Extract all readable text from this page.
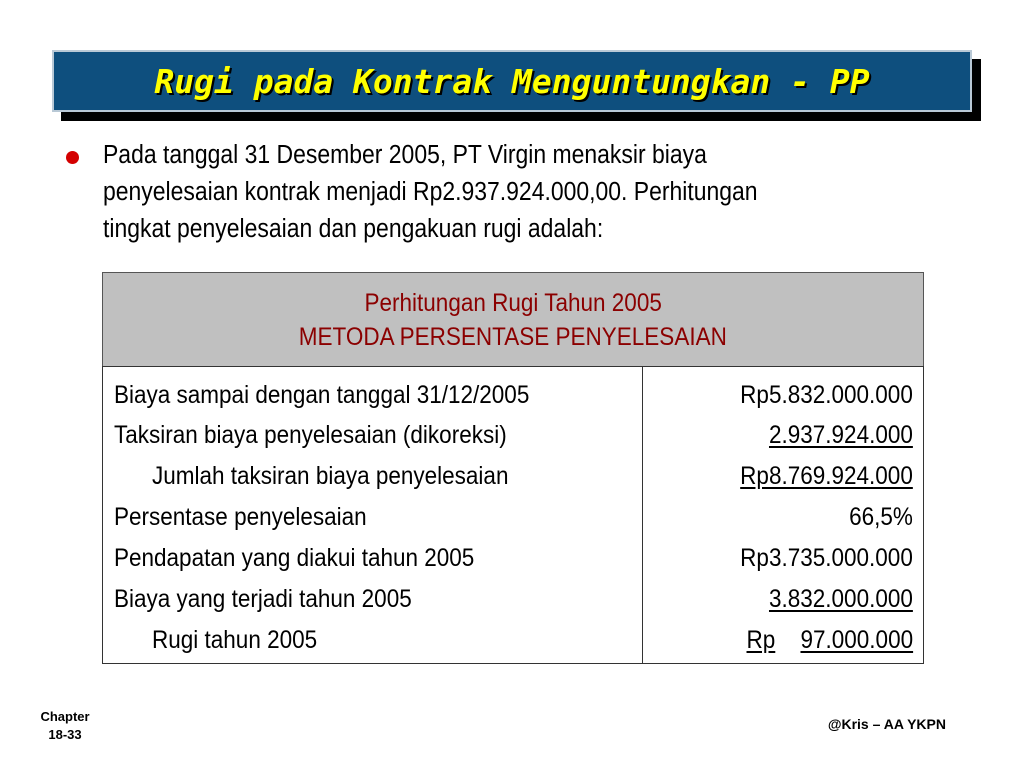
Rugi pada Kontrak Menguntungkan - PP
Pada tanggal 31 Desember 2005, PT Virgin menaksir biaya
penyelesaian kontrak menjadi Rp2.937.924.000,00. Perhitungan
tingkat penyelesaian dan pengakuan rugi adalah:
Perhitungan Rugi Tahun 2005
METODA PERSENTASE PENYELESAIAN
Biaya sampai dengan tanggal 31/12/2005	Rp5.832.000.000
Taksiran biaya penyelesaian (dikoreksi)	2.937.924.000
Jumlah taksiran biaya penyelesaian	Rp8.769.924.000
Persentase penyelesaian	66,5%
Pendapatan yang diakui tahun 2005	Rp3.735.000.000
Biaya yang terjadi tahun 2005	3.832.000.000
Rugi tahun 2005	Rp 97.000.000
Chapter
18-33
@Kris – AA YKPN
